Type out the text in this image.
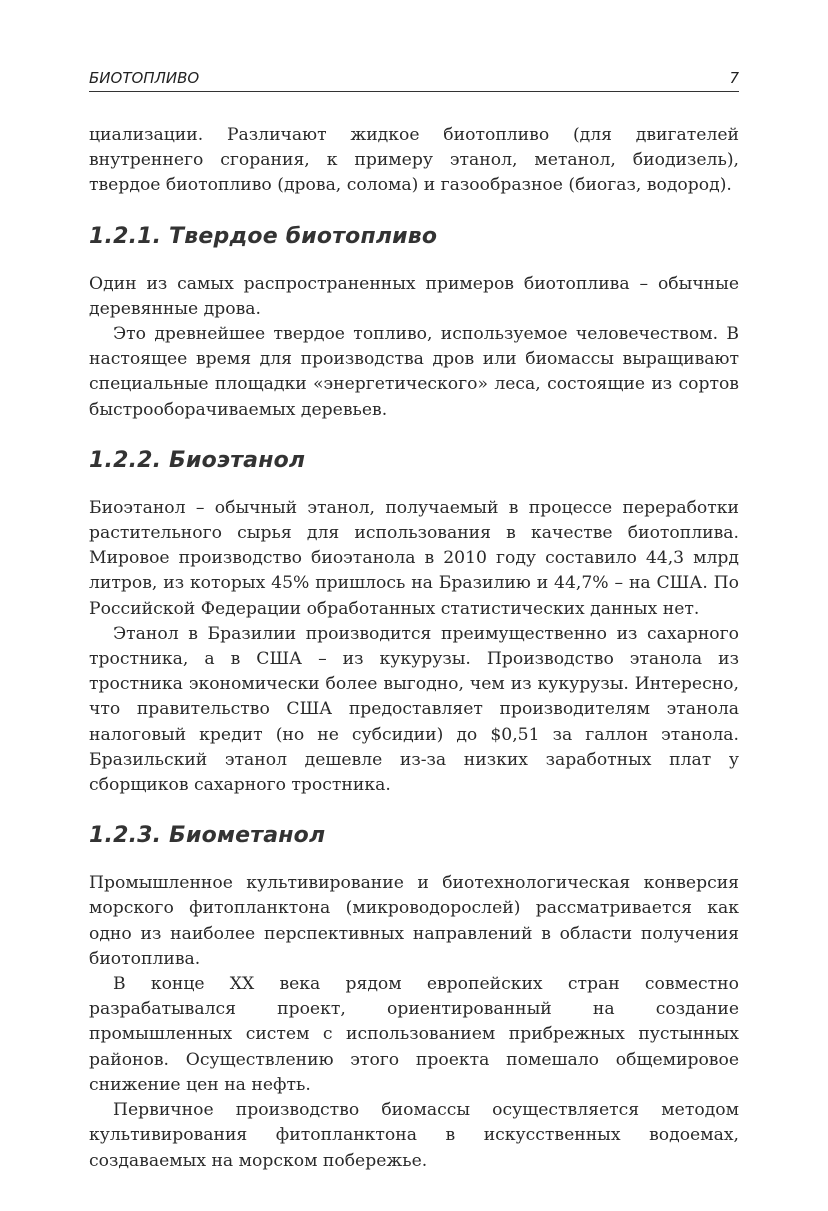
БИОТОПЛИВО	7

циализации. Различают жидкое биотопливо (для двигателей внутреннего сгорания, к примеру этанол, метанол, биодизель), твердое биотопливо (дрова, солома) и газообразное (биогаз, водород).

1.2.1. Твердое биотопливо

Один из самых распространенных примеров биотоплива – обычные деревянные дрова.

Это древнейшее твердое топливо, используемое человечеством. В настоящее время для производства дров или биомассы выращивают специальные площадки «энергетического» леса, состоящие из сортов быстрооборачиваемых деревьев.

1.2.2. Биоэтанол

Биоэтанол – обычный этанол, получаемый в процессе переработки растительного сырья для использования в качестве биотоплива. Мировое производство биоэтанола в 2010 году составило 44,3 млрд литров, из которых 45% пришлось на Бразилию и 44,7% – на США. По Российской Федерации обработанных статистических данных нет.

Этанол в Бразилии производится преимущественно из сахарного тростника, а в США – из кукурузы. Производство этанола из тростника экономически более выгодно, чем из кукурузы. Интересно, что правительство США предоставляет производителям этанола налоговый кредит (но не субсидии) до $0,51 за галлон этанола. Бразильский этанол дешевле из-за низких заработных плат у сборщиков сахарного тростника.

1.2.3. Биометанол

Промышленное культивирование и биотехнологическая конверсия морского фитопланктона (микроводорослей) рассматривается как одно из наиболее перспективных направлений в области получения биотоплива.

В конце XX века рядом европейских стран совместно разрабатывался проект, ориентированный на создание промышленных систем с использованием прибрежных пустынных районов. Осуществлению этого проекта помешало общемировое снижение цен на нефть.

Первичное производство биомассы осуществляется методом культивирования фитопланктона в искусственных водоемах, создаваемых на морском побережье.
